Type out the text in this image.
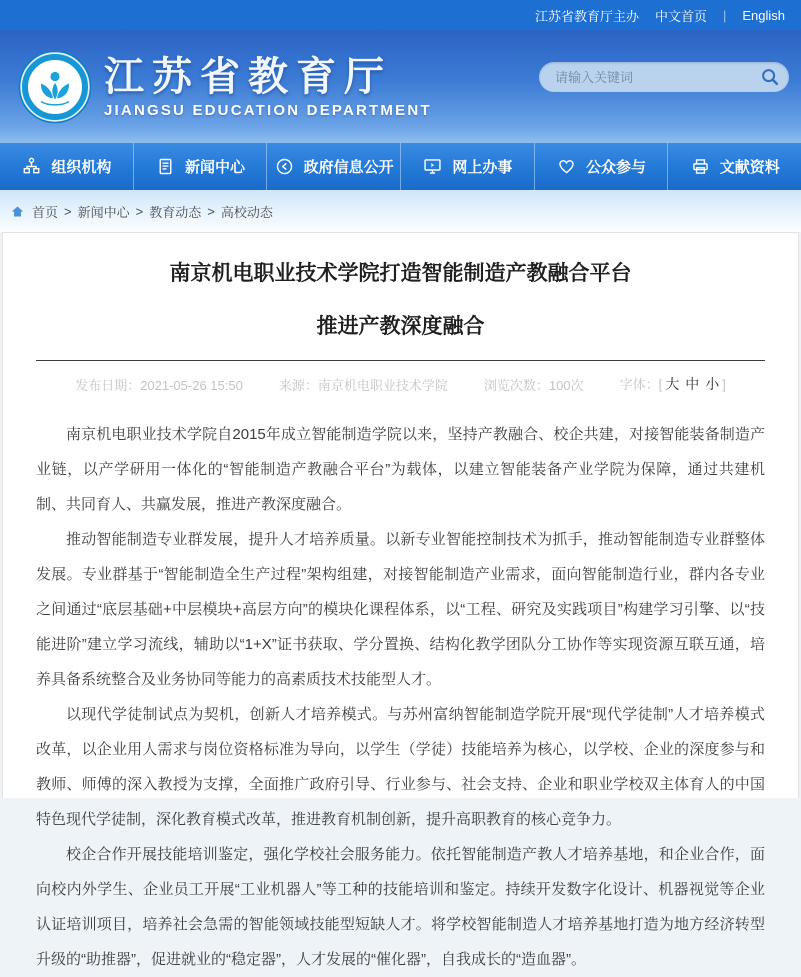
江苏省教育厅主办 中文首页 | English
江苏省教育厅
JIANGSU EDUCATION DEPARTMENT
请输入关键词
组织机构	新闻中心	政府信息公开	网上办事	公众参与	文献资料
首页 > 新闻中心 > 教育动态 > 高校动态
南京机电职业技术学院打造智能制造产教融合平台
推进产教深度融合
发布日期：2021-05-26 15:50	来源：南京机电职业技术学院	浏览次数：100次	字体：[ 大 中 小 ]

南京机电职业技术学院自2015年成立智能制造学院以来，坚持产教融合、校企共建，对接智能装备制造产业链，以产学研用一体化的“智能制造产教融合平台”为载体，以建立智能装备产业学院为保障，通过共建机制、共同育人、共赢发展，推进产教深度融合。

推动智能制造专业群发展，提升人才培养质量。以新专业智能控制技术为抓手，推动智能制造专业群整体发展。专业群基于“智能制造全生产过程”架构组建，对接智能制造产业需求，面向智能制造行业，群内各专业之间通过“底层基础+中层模块+高层方向”的模块化课程体系，以“工程、研究及实践项目”构建学习引擎、以“技能进阶”建立学习流线，辅助以“1+X”证书获取、学分置换、结构化教学团队分工协作等实现资源互联互通，培养具备系统整合及业务协同等能力的高素质技术技能型人才。

以现代学徒制试点为契机，创新人才培养模式。与苏州富纳智能制造学院开展“现代学徒制”人才培养模式改革，以企业用人需求与岗位资格标准为导向，以学生（学徒）技能培养为核心，以学校、企业的深度参与和教师、师傅的深入教授为支撑，全面推广政府引导、行业参与、社会支持、企业和职业学校双主体育人的中国特色现代学徒制，深化教育模式改革，推进教育机制创新，提升高职教育的核心竞争力。

校企合作开展技能培训鉴定，强化学校社会服务能力。依托智能制造产教人才培养基地，和企业合作，面向校内外学生、企业员工开展“工业机器人”等工种的技能培训和鉴定。持续开发数字化设计、机器视觉等企业认证培训项目，培养社会急需的智能领域技能型短缺人才。将学校智能制造人才培养基地打造为地方经济转型升级的“助推器”，促进就业的“稳定器”，人才发展的“催化器”，自我成长的“造血器”。
